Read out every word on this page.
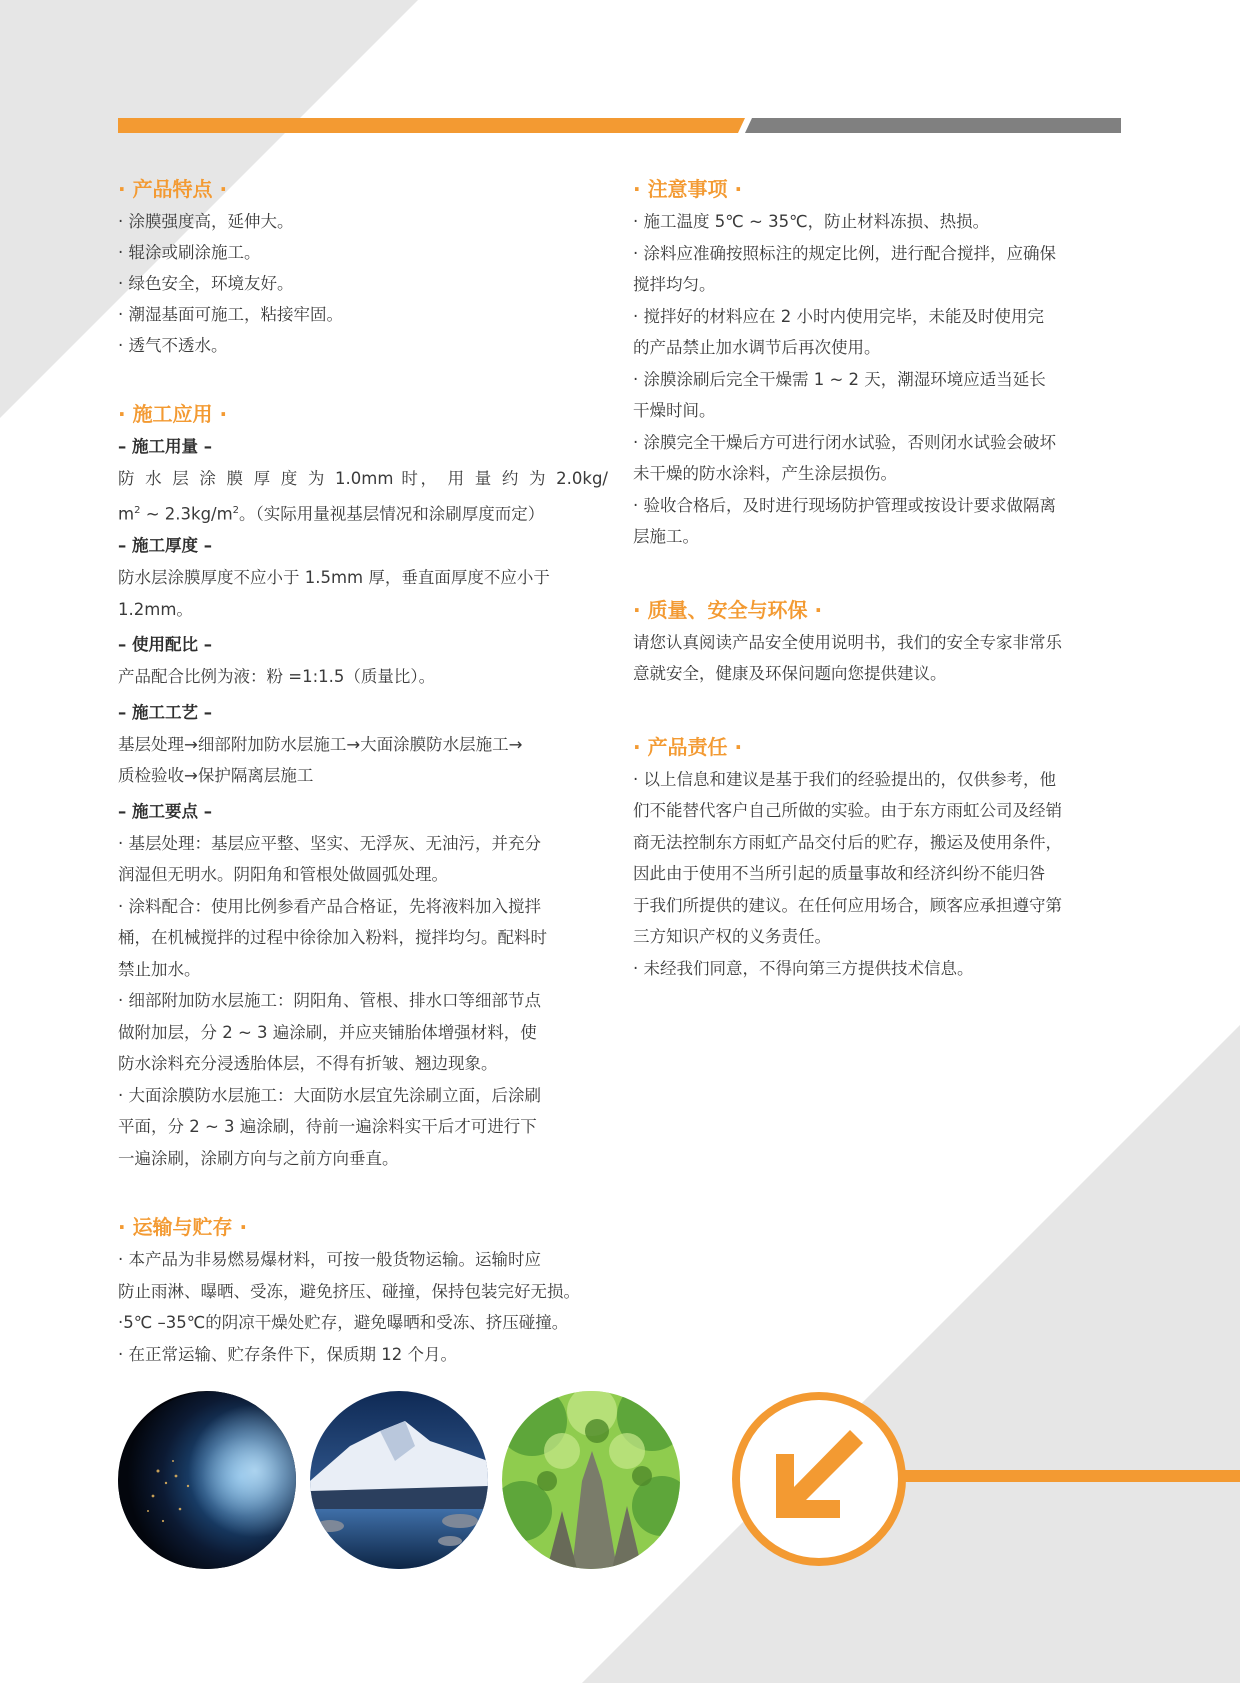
· 产品特点 ·
· 涂膜强度高，延伸大。
· 辊涂或刷涂施工。
· 绿色安全，环境友好。
· 潮湿基面可施工，粘接牢固。
· 透气不透水。
· 施工应用 ·
– 施工用量 –
防 水 层 涂 膜 厚 度 为 1.0mm 时， 用 量 约 为 2.0kg/
$m^2$ ~ $2.3kg/m^2$。（实际用量视基层情况和涂刷厚度而定）
– 施工厚度 –
防水层涂膜厚度不应小于 1.5mm 厚，垂直面厚度不应小于
1.2mm。
– 使用配比 –
产品配合比例为液：粉 =1:1.5（质量比）。
– 施工工艺 –
基层处理→细部附加防水层施工→大面涂膜防水层施工→
质检验收→保护隔离层施工
– 施工要点 –
· 基层处理：基层应平整、坚实、无浮灰、无油污，并充分
润湿但无明水。阴阳角和管根处做圆弧处理。
· 涂料配合：使用比例参看产品合格证，先将液料加入搅拌
桶，在机械搅拌的过程中徐徐加入粉料，搅拌均匀。配料时
禁止加水。
· 细部附加防水层施工：阴阳角、管根、排水口等细部节点
做附加层，分 2 ~ 3 遍涂刷，并应夹铺胎体增强材料，使
防水涂料充分浸透胎体层，不得有折皱、翘边现象。
· 大面涂膜防水层施工：大面防水层宜先涂刷立面，后涂刷
平面，分 2 ~ 3 遍涂刷，待前一遍涂料实干后才可进行下
一遍涂刷，涂刷方向与之前方向垂直。
· 运输与贮存 ·
· 本产品为非易燃易爆材料，可按一般货物运输。运输时应
防止雨淋、曝晒、受冻，避免挤压、碰撞，保持包装完好无损。
·5℃ –35℃的阴凉干燥处贮存，避免曝晒和受冻、挤压碰撞。
· 在正常运输、贮存条件下，保质期 12 个月。
· 注意事项 ·
· 施工温度 5℃ ~ 35℃，防止材料冻损、热损。
· 涂料应准确按照标注的规定比例，进行配合搅拌，应确保
搅拌均匀。
· 搅拌好的材料应在 2 小时内使用完毕，未能及时使用完
的产品禁止加水调节后再次使用。
· 涂膜涂刷后完全干燥需 1 ~ 2 天，潮湿环境应适当延长
干燥时间。
· 涂膜完全干燥后方可进行闭水试验，否则闭水试验会破坏
未干燥的防水涂料，产生涂层损伤。
· 验收合格后，及时进行现场防护管理或按设计要求做隔离
层施工。
· 质量、安全与环保 ·
请您认真阅读产品安全使用说明书，我们的安全专家非常乐
意就安全，健康及环保问题向您提供建议。
· 产品责任 ·
· 以上信息和建议是基于我们的经验提出的，仅供参考，他
们不能替代客户自己所做的实验。由于东方雨虹公司及经销
商无法控制东方雨虹产品交付后的贮存，搬运及使用条件，
因此由于使用不当所引起的质量事故和经济纠纷不能归咎
于我们所提供的建议。在任何应用场合，顾客应承担遵守第
三方知识产权的义务责任。
· 未经我们同意，不得向第三方提供技术信息。
